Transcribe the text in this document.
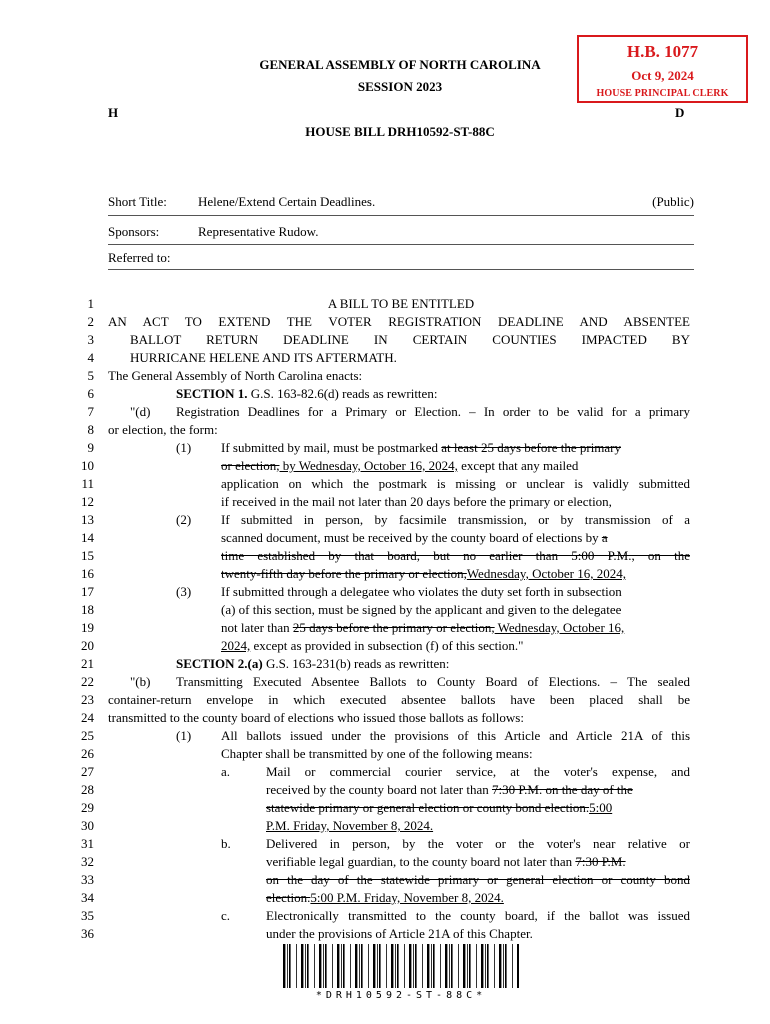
H.B. 1077
Oct 9, 2024
HOUSE PRINCIPAL CLERK
GENERAL ASSEMBLY OF NORTH CAROLINA
SESSION 2023
H	D
HOUSE BILL DRH10592-ST-88C
Short Title: Helene/Extend Certain Deadlines.	(Public)
Sponsors:	Representative Rudow.
Referred to:
1
2
3
4
5
6
7
8
9
10
11
12
13
14
15
16
17
18
19
20
21
22
23
24
25
26
27
28
29
30
31
32
33
34
35
36
A BILL TO BE ENTITLED
AN ACT TO EXTEND THE VOTER REGISTRATION DEADLINE AND ABSENTEE
BALLOT RETURN DEADLINE IN CERTAIN COUNTIES IMPACTED BY
HURRICANE HELENE AND ITS AFTERMATH.
The General Assembly of North Carolina enacts:
SECTION 1. G.S. 163-82.6(d) reads as rewritten:
"(d) Registration Deadlines for a Primary or Election. – In order to be valid for a primary
or election, the form:
(1) If submitted by mail, must be postmarked at least 25 days before the primary
or election, by Wednesday, October 16, 2024, except that any mailed
application on which the postmark is missing or unclear is validly submitted
if received in the mail not later than 20 days before the primary or election,
(2) If submitted in person, by facsimile transmission, or by transmission of a
scanned document, must be received by the county board of elections by a
time established by that board, but no earlier than 5:00 P.M., on the
twenty-fifth day before the primary or election,Wednesday, October 16, 2024,
(3) If submitted through a delegatee who violates the duty set forth in subsection
(a) of this section, must be signed by the applicant and given to the delegatee
not later than 25 days before the primary or election, Wednesday, October 16,
2024, except as provided in subsection (f) of this section."
SECTION 2.(a) G.S. 163-231(b) reads as rewritten:
"(b) Transmitting Executed Absentee Ballots to County Board of Elections. – The sealed
container-return envelope in which executed absentee ballots have been placed shall be
transmitted to the county board of elections who issued those ballots as follows:
(1) All ballots issued under the provisions of this Article and Article 21A of this
Chapter shall be transmitted by one of the following means:
a.	Mail or commercial courier service, at the voter's expense, and
received by the county board not later than 7:30 P.M. on the day of the
statewide primary or general election or county bond election.5:00
P.M. Friday, November 8, 2024.
b.	Delivered in person, by the voter or the voter's near relative or
verifiable legal guardian, to the county board not later than 7:30 P.M.
on the day of the statewide primary or general election or county bond
election.5:00 P.M. Friday, November 8, 2024.
c.	Electronically transmitted to the county board, if the ballot was issued
under the provisions of Article 21A of this Chapter.
*DRH10592-ST-88C*
